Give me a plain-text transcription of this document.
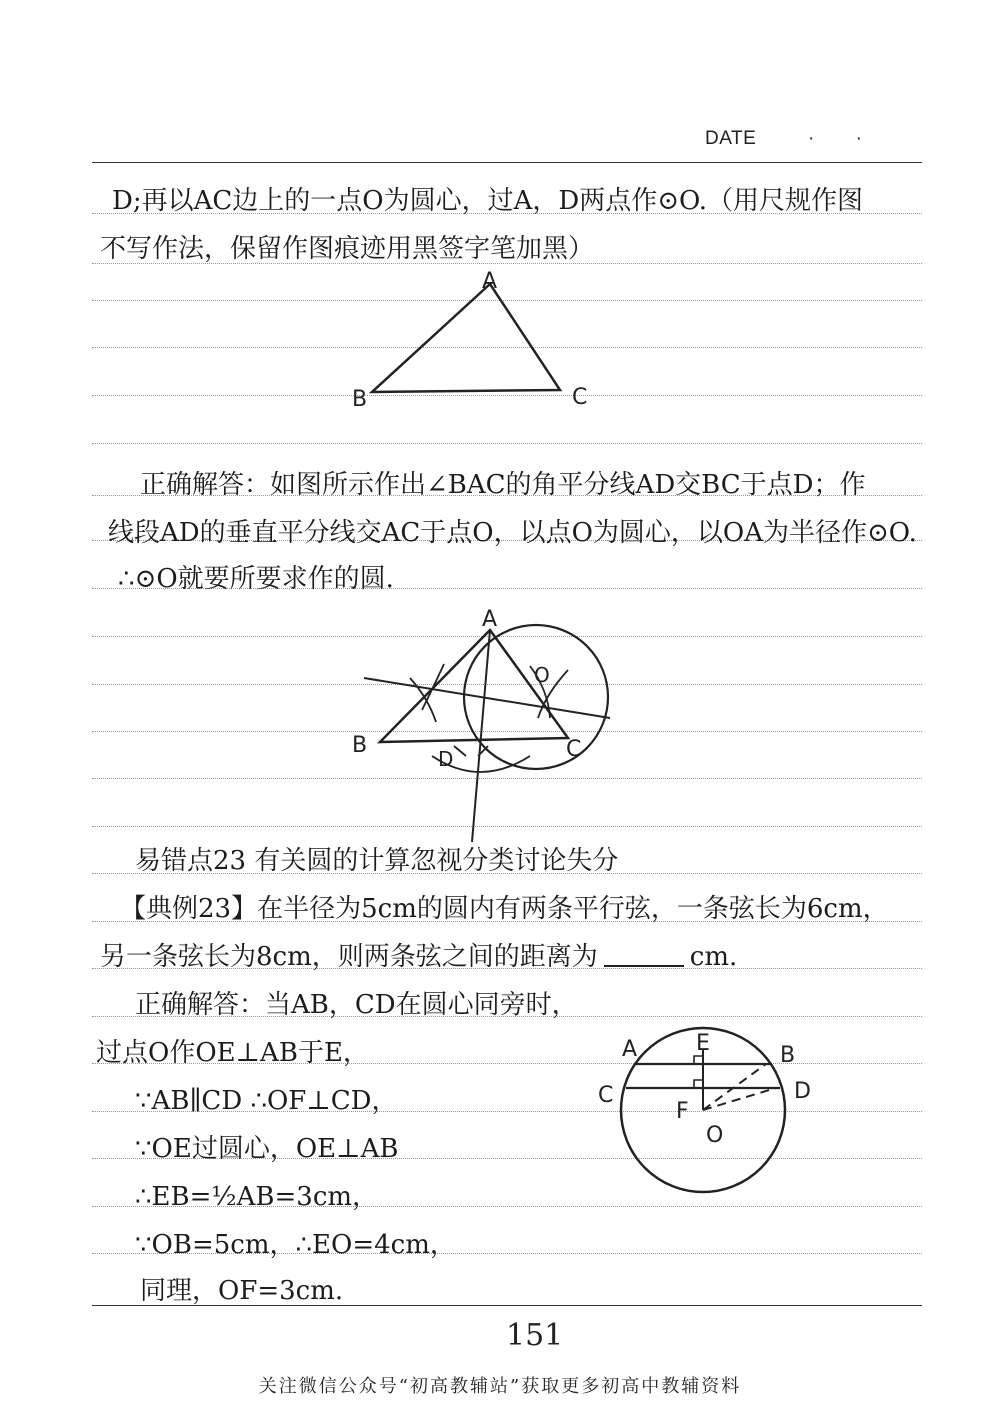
DATE	· ·
D;再以AC边上的一点O为圆心，过A，D两点作⊙O.（用尺规作图
不写作法，保留作图痕迹用黑签字笔加黑）
A
B	C
正确解答：如图所示作出∠BAC的角平分线AD交BC于点D；作
线段AD的垂直平分线交AC于点O，以点O为圆心，以OA为半径作⊙O.
∴⊙O就要所要求作的圆.
A
B	C
D
O
易错点23 有关圆的计算忽视分类讨论失分
【典例23】在半径为5cm的圆内有两条平行弦，一条弦长为6cm，
另一条弦长为8cm，则两条弦之间的距离为	cm.
正确解答：当AB，CD在圆心同旁时，
过点O作OE⊥AB于E，
∵AB∥CD ∴OF⊥CD，
∵OE过圆心，OE⊥AB
∴EB=½AB=3cm，
∵OB=5cm，∴EO=4cm，
同理，OF=3cm.
A	E	B
C	D
F
O
151
关注微信公众号“初高教辅站”获取更多初高中教辅资料
